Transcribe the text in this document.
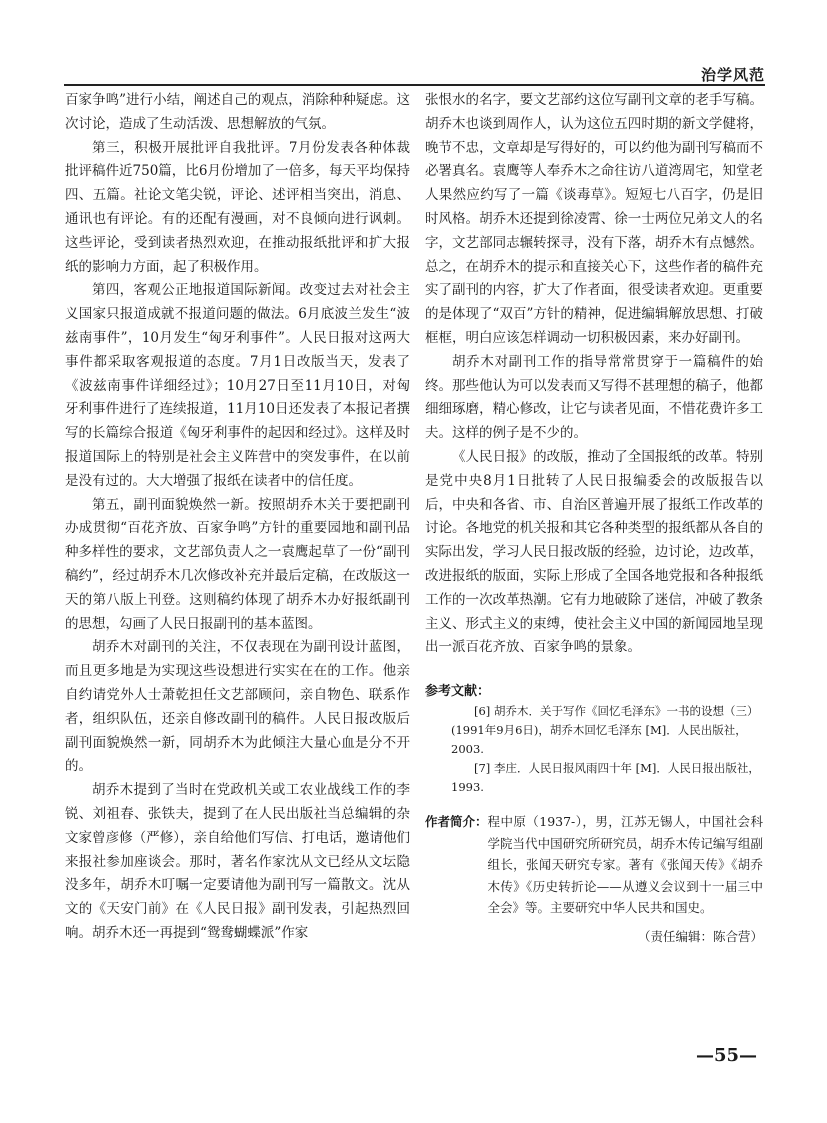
治学风范

百家争鸣”进行小结，阐述自己的观点，消除种种疑虑。这次讨论，造成了生动活泼、思想解放的气氛。

第三，积极开展批评自我批评。7月份发表各种体裁批评稿件近750篇，比6月份增加了一倍多，每天平均保持四、五篇。社论文笔尖锐，评论、述评相当突出，消息、通讯也有评论。有的还配有漫画，对不良倾向进行讽刺。这些评论，受到读者热烈欢迎，在推动报纸批评和扩大报纸的影响力方面，起了积极作用。

第四，客观公正地报道国际新闻。改变过去对社会主义国家只报道成就不报道问题的做法。6月底波兰发生“波兹南事件”，10月发生“匈牙利事件”。人民日报对这两大事件都采取客观报道的态度。7月1日改版当天，发表了《波兹南事件详细经过》；10月27日至11月10日，对匈牙利事件进行了连续报道，11月10日还发表了本报记者撰写的长篇综合报道《匈牙利事件的起因和经过》。这样及时报道国际上的特别是社会主义阵营中的突发事件，在以前是没有过的。大大增强了报纸在读者中的信任度。

第五，副刊面貌焕然一新。按照胡乔木关于要把副刊办成贯彻“百花齐放、百家争鸣”方针的重要园地和副刊品种多样性的要求，文艺部负责人之一袁鹰起草了一份“副刊稿约”，经过胡乔木几次修改补充并最后定稿，在改版这一天的第八版上刊登。这则稿约体现了胡乔木办好报纸副刊的思想，勾画了人民日报副刊的基本蓝图。

胡乔木对副刊的关注，不仅表现在为副刊设计蓝图，而且更多地是为实现这些设想进行实实在在的工作。他亲自约请党外人士萧乾担任文艺部顾问，亲自物色、联系作者，组织队伍，还亲自修改副刊的稿件。人民日报改版后副刊面貌焕然一新，同胡乔木为此倾注大量心血是分不开的。

胡乔木提到了当时在党政机关或工农业战线工作的李锐、刘祖春、张铁夫，提到了在人民出版社当总编辑的杂文家曾彦修（严修），亲自给他们写信、打电话，邀请他们来报社参加座谈会。那时，著名作家沈从文已经从文坛隐没多年，胡乔木叮嘱一定要请他为副刊写一篇散文。沈从文的《天安门前》在《人民日报》副刊发表，引起热烈回响。胡乔木还一再提到“鸳鸯蝴蝶派”作家

张恨水的名字，要文艺部约这位写副刊文章的老手写稿。胡乔木也谈到周作人，认为这位五四时期的新文学健将，晚节不忠，文章却是写得好的，可以约他为副刊写稿而不必署真名。袁鹰等人奉乔木之命往访八道湾周宅，知堂老人果然应约写了一篇《谈毒草》。短短七八百字，仍是旧时风格。胡乔木还提到徐凌霄、徐一士两位兄弟文人的名字，文艺部同志辗转探寻，没有下落，胡乔木有点憾然。总之，在胡乔木的提示和直接关心下，这些作者的稿件充实了副刊的内容，扩大了作者面，很受读者欢迎。更重要的是体现了“双百”方针的精神，促进编辑解放思想、打破框框，明白应该怎样调动一切积极因素，来办好副刊。

胡乔木对副刊工作的指导常常贯穿于一篇稿件的始终。那些他认为可以发表而又写得不甚理想的稿子，他都细细琢磨，精心修改，让它与读者见面，不惜花费许多工夫。这样的例子是不少的。

《人民日报》的改版，推动了全国报纸的改革。特别是党中央8月1日批转了人民日报编委会的改版报告以后，中央和各省、市、自治区普遍开展了报纸工作改革的讨论。各地党的机关报和其它各种类型的报纸都从各自的实际出发，学习人民日报改版的经验，边讨论，边改革，改进报纸的版面，实际上形成了全国各地党报和各种报纸工作的一次改革热潮。它有力地破除了迷信，冲破了教条主义、形式主义的束缚，使社会主义中国的新闻园地呈现出一派百花齐放、百家争鸣的景象。

参考文献：

[6] 胡乔木．关于写作《回忆毛泽东》一书的设想（三）(1991年9月6日)，胡乔木回忆毛泽东 [M]．人民出版社，2003.

[7] 李庄．人民日报风雨四十年 [M]．人民日报出版社，1993.

作者简介： 程中原（1937-），男，江苏无锡人，中国社会科学院当代中国研究所研究员，胡乔木传记编写组副组长，张闻天研究专家。著有《张闻天传》《胡乔木传》《历史转折论——从遵义会议到十一届三中全会》等。主要研究中华人民共和国史。
（责任编辑：陈合营）
—55—
